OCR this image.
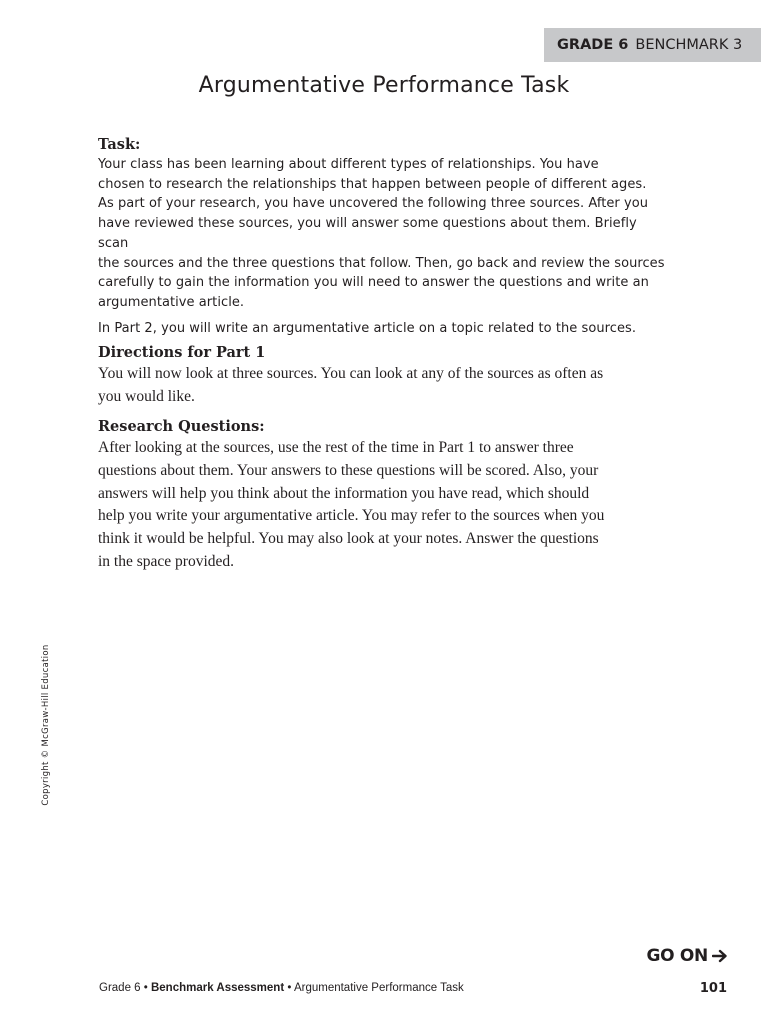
GRADE 6 BENCHMARK 3
Argumentative Performance Task
Task:

Your class has been learning about different types of relationships. You have
chosen to research the relationships that happen between people of different ages.
As part of your research, you have uncovered the following three sources. After you
have reviewed these sources, you will answer some questions about them. Briefly scan
the sources and the three questions that follow. Then, go back and review the sources
carefully to gain the information you will need to answer the questions and write an
argumentative article.

In Part 2, you will write an argumentative article on a topic related to the sources.

Directions for Part 1

You will now look at three sources. You can look at any of the sources as often as
you would like.

Research Questions:

After looking at the sources, use the rest of the time in Part 1 to answer three
questions about them. Your answers to these questions will be scored. Also, your
answers will help you think about the information you have read, which should
help you write your argumentative article. You may refer to the sources when you
think it would be helpful. You may also look at your notes. Answer the questions
in the space provided.

Copyright © McGraw-Hill Education
GO ON
Grade 6 • Benchmark Assessment • Argumentative Performance Task	101
